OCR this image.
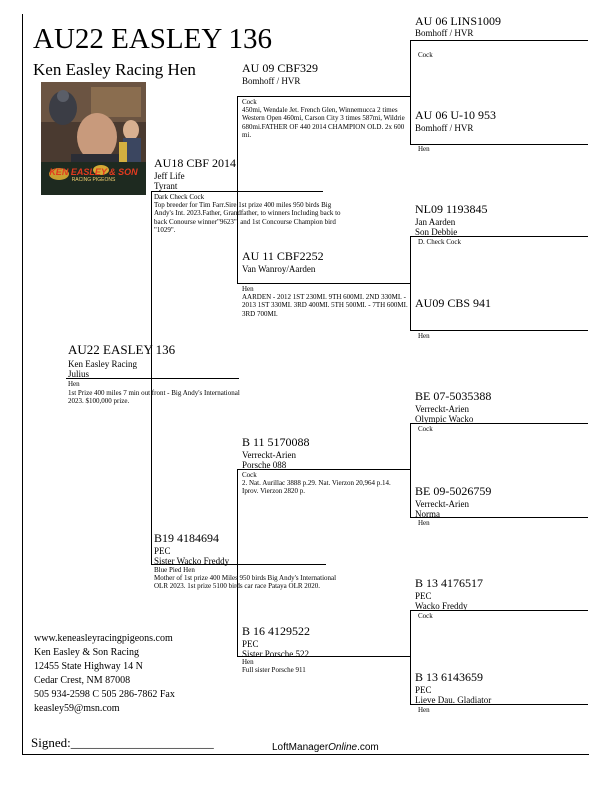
AU22 EASLEY 136
Ken Easley Racing Hen
KEN EASLEY & SON
RACING PIGEONS
AU22 EASLEY 136
Ken Easley Racing
Julius
Hen
1st Prize 400 miles 7 min out front - Big Andy's International 2023. $100,000 prize.
AU18 CBF 2014
Jeff Life
Tyrant
Dark Check Cock
Top breeder for Tim Farr.Sire 1st prize 400 miles 950 birds Big Andy's Int. 2023.Father, Grandfather, to winners Including back to back Conourse winner"9623", and 1st Concourse Champion bird "1029".
B19 4184694
PEC
Sister Wacko Freddy
Blue Pied Hen
Mother of 1st prize 400 Miles 950 birds Big Andy's International OLR 2023. 1st prize 5100 birds car race Pataya OLR 2020.
AU 09 CBF329
Bomhoff / HVR
Cock
450mi, Wendale Jet. French Glen, Winnemucca 2 times Western Open 460mi, Carson City 3 times 587mi, Wildrie 680mi.FATHER OF 440 2014 CHAMPION OLD. 2x 600 mi.
AU 11 CBF2252
Van Wanroy/Aarden
Hen
AARDEN - 2012 1ST 230MI. 9TH 600MI. 2ND 330MI. - 2013 1ST 330MI. 3RD 400MI. 5TH 500MI. - 7TH 600MI. 3RD 700MI.
B 11 5170088
Verreckt-Arien
Porsche 088
Cock
2. Nat. Aurillac 3888 p.29. Nat. Vierzon 20,964 p.14. Iprov. Vierzon 2820 p.
B 16 4129522
PEC
Sister Porsche 522
Hen
Full sister Porsche 911
AU 06 LINS1009
Bomhoff / HVR
Cock
AU 06 U-10 953
Bomhoff / HVR
Hen
NL09 1193845
Jan Aarden
Son Debbie
D. Check Cock
AU09 CBS 941
Hen
BE 07-5035388
Verreckt-Arien
Olympic Wacko
Cock
BE 09-5026759
Verreckt-Arien
Norma
Hen
B 13 4176517
PEC
Wacko Freddy
Cock
B 13 6143659
PEC
Lieve Dau. Gladiator
Hen
www.keneasleyracingpigeons.com
Ken Easley & Son Racing
12455 State Highway 14 N
Cedar Crest, NM 87008
505 934-2598 C 505 286-7862 Fax
keasley59@msn.com
Signed:______________________	LoftManagerOnline.com
